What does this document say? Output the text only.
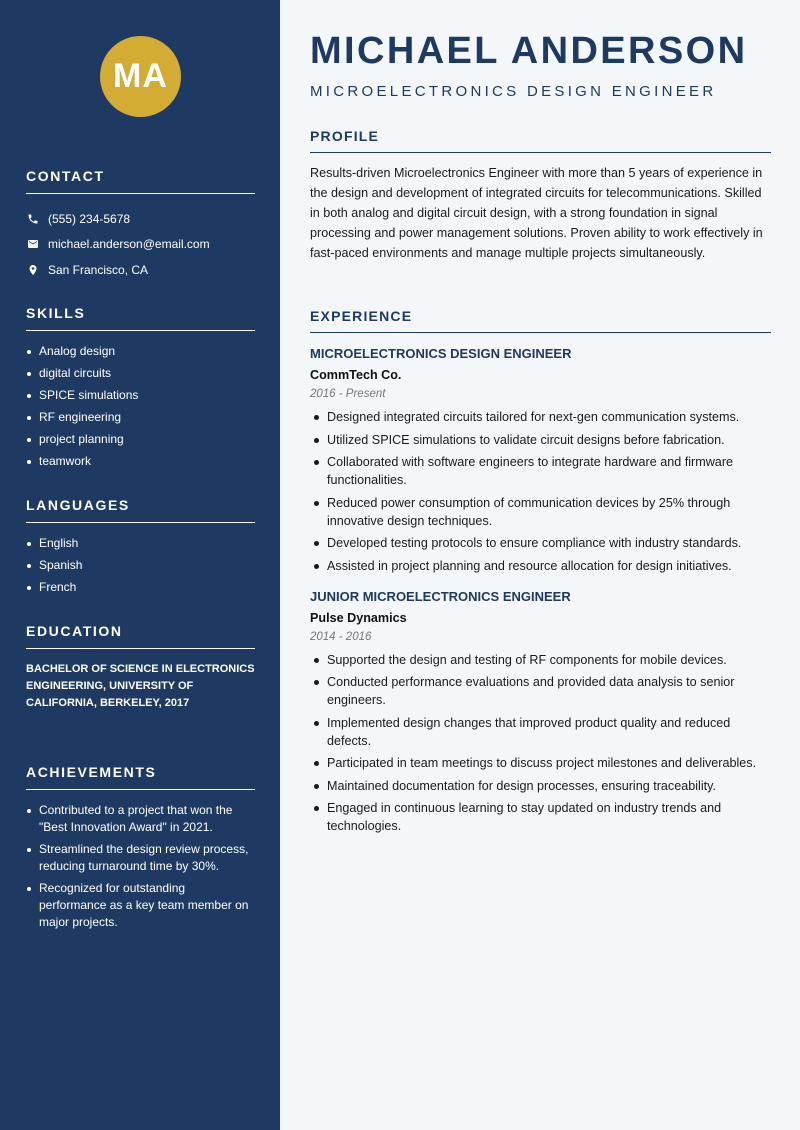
MA
CONTACT
(555) 234-5678
michael.anderson@email.com
San Francisco, CA
SKILLS
Analog design
digital circuits
SPICE simulations
RF engineering
project planning
teamwork
LANGUAGES
English
Spanish
French
EDUCATION
BACHELOR OF SCIENCE IN ELECTRONICS ENGINEERING, UNIVERSITY OF CALIFORNIA, BERKELEY, 2017
ACHIEVEMENTS
Contributed to a project that won the "Best Innovation Award" in 2021.
Streamlined the design review process, reducing turnaround time by 30%.
Recognized for outstanding performance as a key team member on major projects.
MICHAEL ANDERSON
MICROELECTRONICS DESIGN ENGINEER
PROFILE

Results-driven Microelectronics Engineer with more than 5 years of experience in the design and development of integrated circuits for telecommunications. Skilled in both analog and digital circuit design, with a strong foundation in signal processing and power management solutions. Proven ability to work effectively in fast-paced environments and manage multiple projects simultaneously.

EXPERIENCE
MICROELECTRONICS DESIGN ENGINEER
CommTech Co.
2016 - Present
Designed integrated circuits tailored for next-gen communication systems.
Utilized SPICE simulations to validate circuit designs before fabrication.
Collaborated with software engineers to integrate hardware and firmware functionalities.
Reduced power consumption of communication devices by 25% through innovative design techniques.
Developed testing protocols to ensure compliance with industry standards.
Assisted in project planning and resource allocation for design initiatives.
JUNIOR MICROELECTRONICS ENGINEER
Pulse Dynamics
2014 - 2016
Supported the design and testing of RF components for mobile devices.
Conducted performance evaluations and provided data analysis to senior engineers.
Implemented design changes that improved product quality and reduced defects.
Participated in team meetings to discuss project milestones and deliverables.
Maintained documentation for design processes, ensuring traceability.
Engaged in continuous learning to stay updated on industry trends and technologies.
